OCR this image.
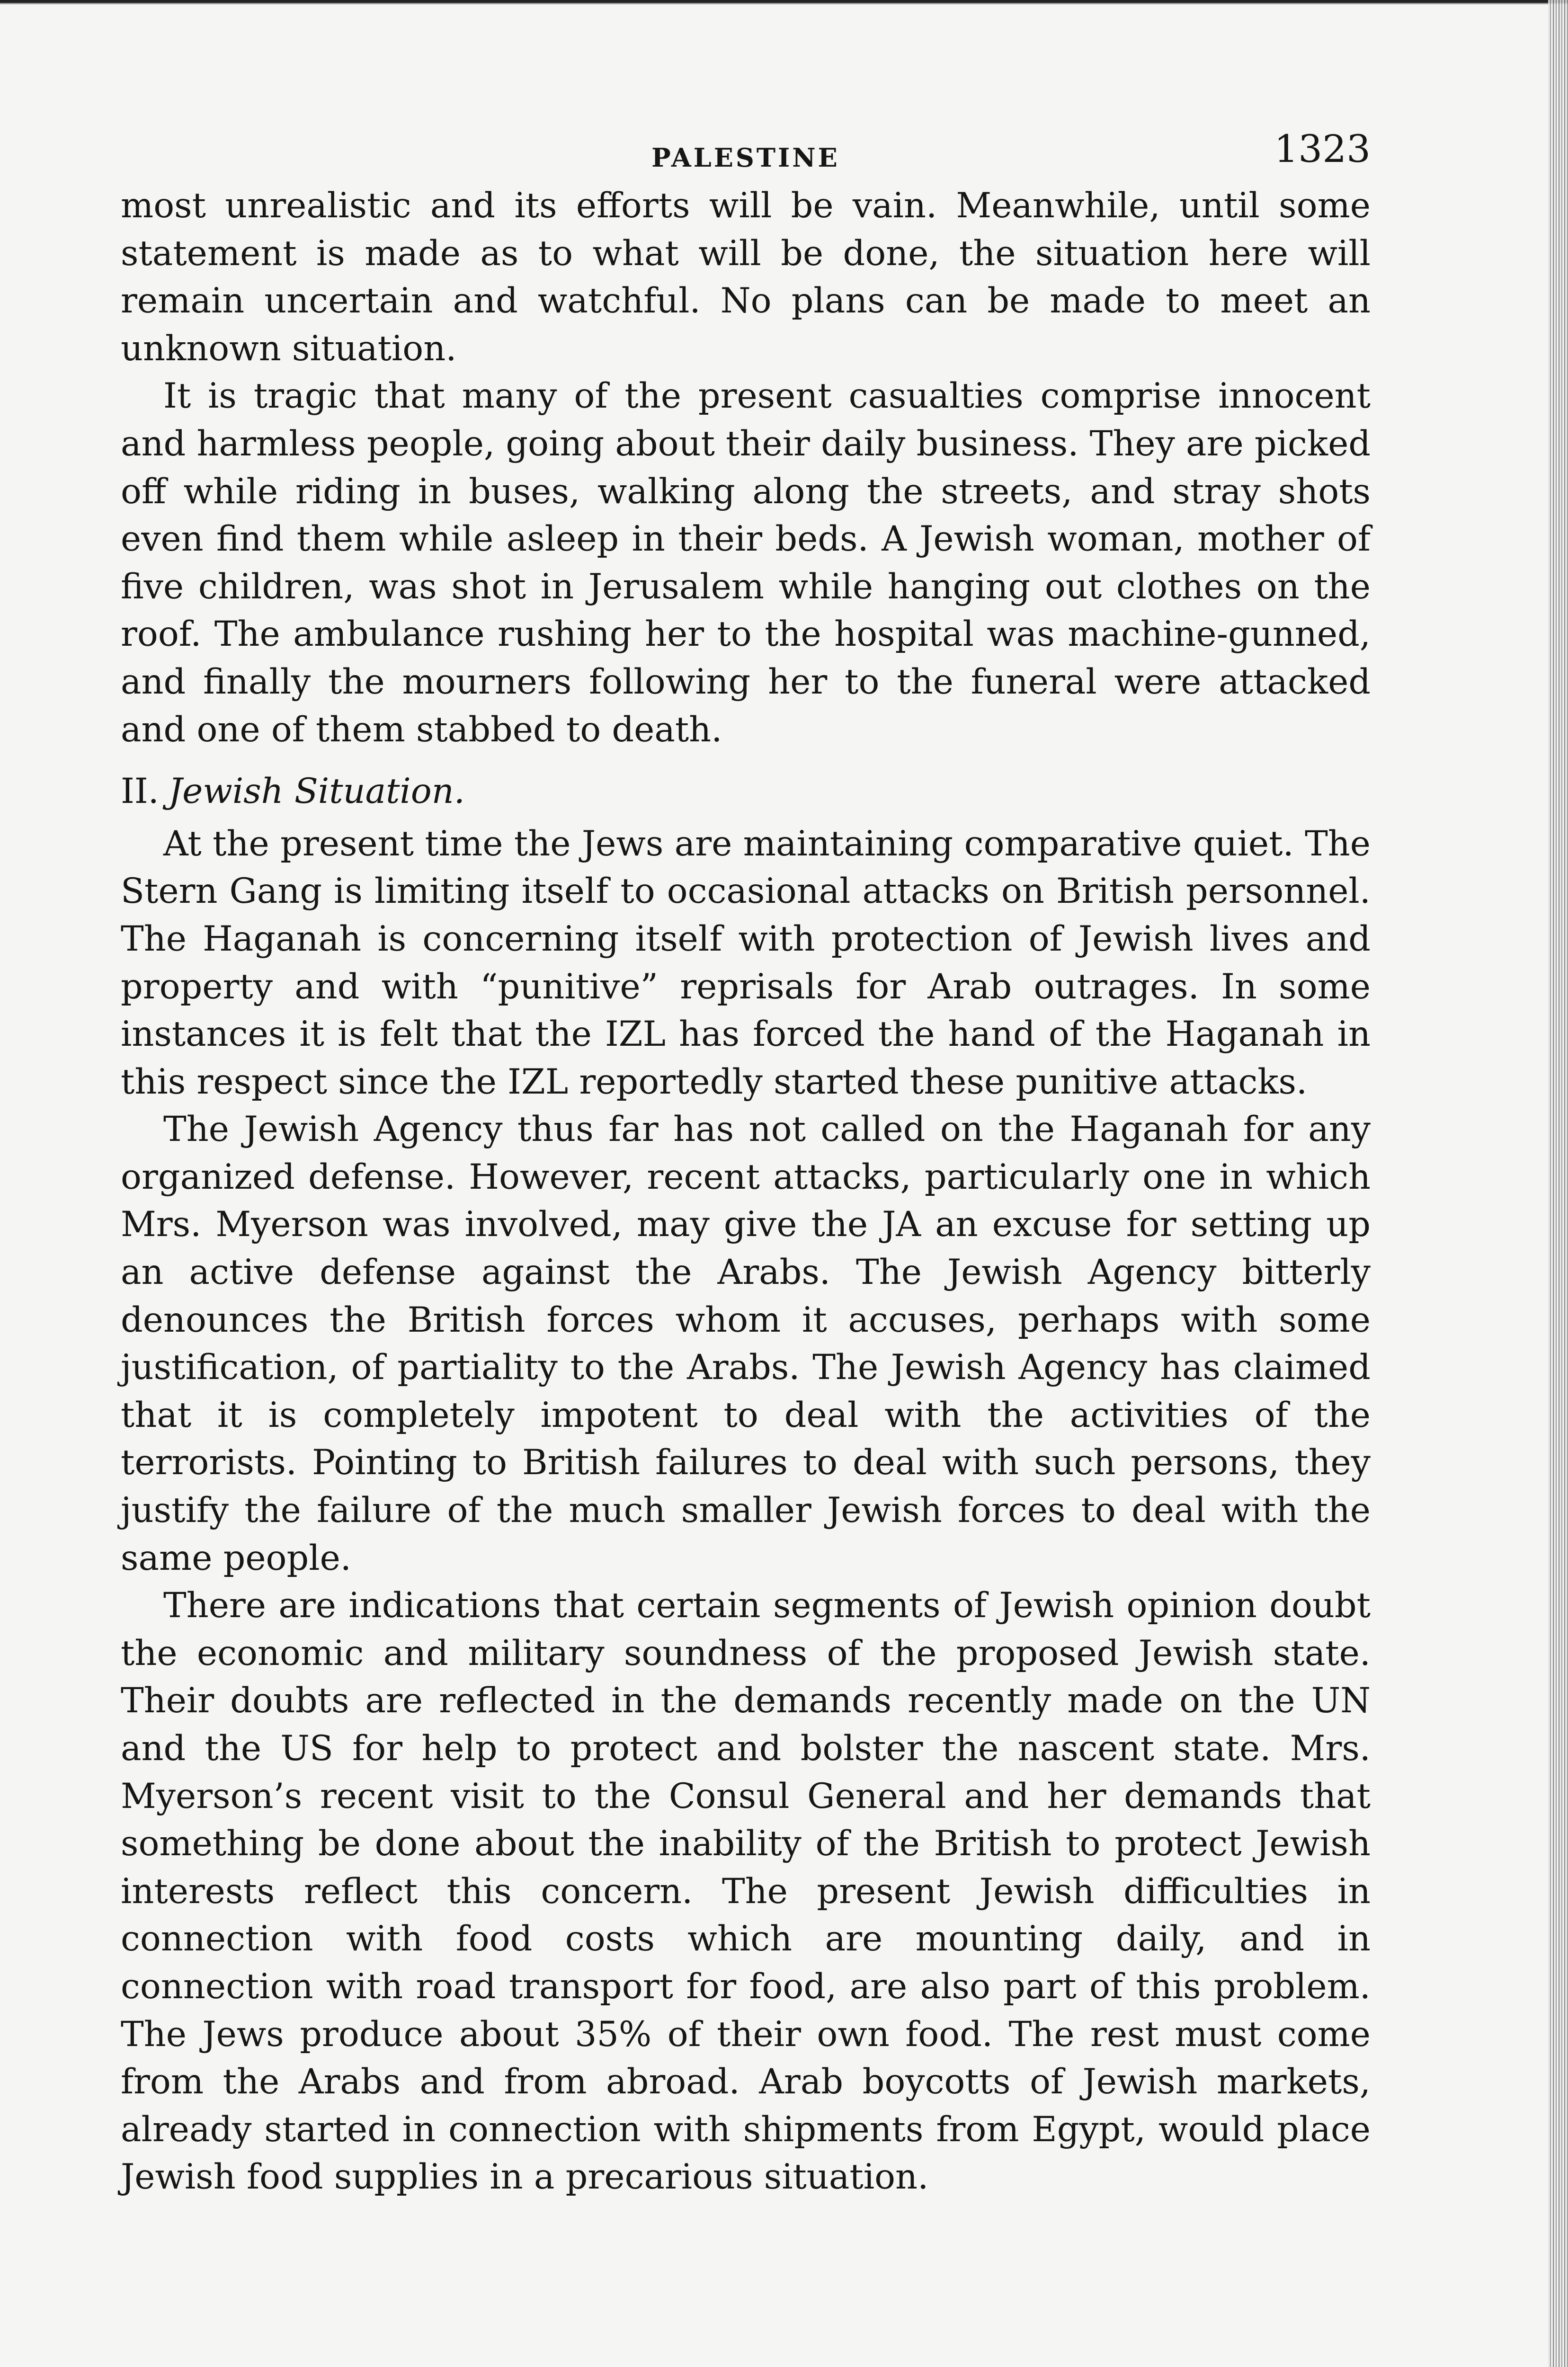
PALESTINE	1323

most unrealistic and its efforts will be vain. Meanwhile, until some statement is made as to what will be done, the situation here will remain uncertain and watchful. No plans can be made to meet an unknown situation.

It is tragic that many of the present casualties comprise innocent and harmless people, going about their daily business. They are picked off while riding in buses, walking along the streets, and stray shots even find them while asleep in their beds. A Jewish woman, mother of five children, was shot in Jerusalem while hanging out clothes on the roof. The ambulance rushing her to the hospital was machine-gunned, and finally the mourners following her to the funeral were attacked and one of them stabbed to death.

II. Jewish Situation.

At the present time the Jews are maintaining comparative quiet. The Stern Gang is limiting itself to occasional attacks on British personnel. The Haganah is concerning itself with protection of Jewish lives and property and with “punitive” reprisals for Arab outrages. In some instances it is felt that the IZL has forced the hand of the Haganah in this respect since the IZL reportedly started these punitive attacks.

The Jewish Agency thus far has not called on the Haganah for any organized defense. However, recent attacks, particularly one in which Mrs. Myerson was involved, may give the JA an excuse for setting up an active defense against the Arabs. The Jewish Agency bitterly denounces the British forces whom it accuses, perhaps with some justification, of partiality to the Arabs. The Jewish Agency has claimed that it is completely impotent to deal with the activities of the terrorists. Pointing to British failures to deal with such persons, they justify the failure of the much smaller Jewish forces to deal with the same people.

There are indications that certain segments of Jewish opinion doubt the economic and military soundness of the proposed Jewish state. Their doubts are reflected in the demands recently made on the UN and the US for help to protect and bolster the nascent state. Mrs. Myerson’s recent visit to the Consul General and her demands that something be done about the inability of the British to protect Jewish interests reflect this concern. The present Jewish difficulties in connection with food costs which are mounting daily, and in connection with road transport for food, are also part of this problem. The Jews produce about 35% of their own food. The rest must come from the Arabs and from abroad. Arab boycotts of Jewish markets, already started in connection with shipments from Egypt, would place Jewish food supplies in a precarious situation.
